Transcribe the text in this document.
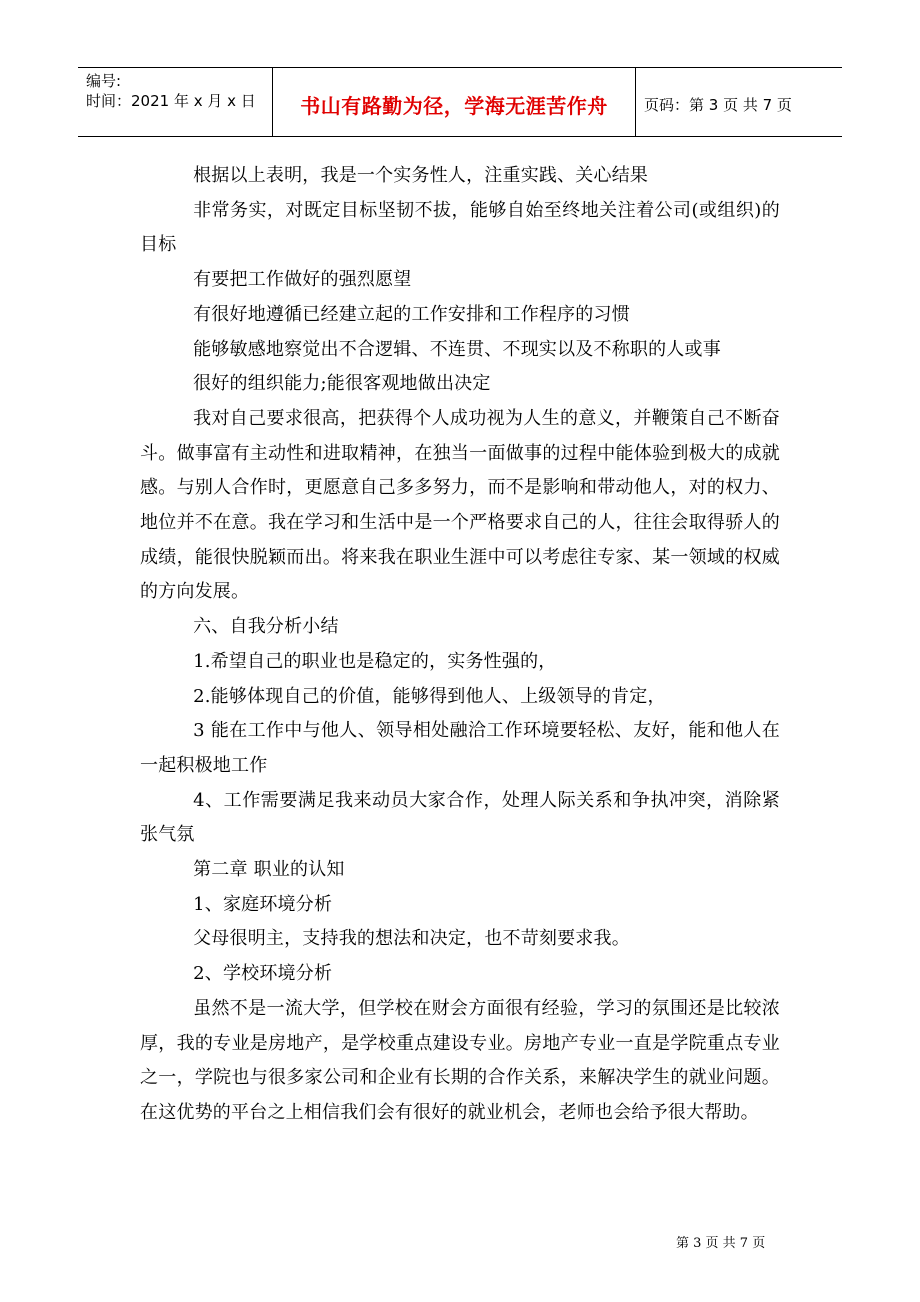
编号:
时间：2021 年 x 月 x 日	书山有路勤为径，学海无涯苦作舟	页码：第 3 页 共 7 页

根据以上表明，我是一个实务性人，注重实践、关心结果

非常务实，对既定目标坚韧不拔，能够自始至终地关注着公司(或组织)的目标

有要把工作做好的强烈愿望

有很好地遵循已经建立起的工作安排和工作程序的习惯

能够敏感地察觉出不合逻辑、不连贯、不现实以及不称职的人或事

很好的组织能力;能很客观地做出决定

我对自己要求很高，把获得个人成功视为人生的意义，并鞭策自己不断奋斗。做事富有主动性和进取精神，在独当一面做事的过程中能体验到极大的成就感。与别人合作时，更愿意自己多多努力，而不是影响和带动他人，对的权力、地位并不在意。我在学习和生活中是一个严格要求自己的人，往往会取得骄人的成绩，能很快脱颖而出。将来我在职业生涯中可以考虑往专家、某一领域的权威的方向发展。

六、自我分析小结

1.希望自己的职业也是稳定的，实务性强的，

2.能够体现自己的价值，能够得到他人、上级领导的肯定，

3 能在工作中与他人、领导相处融洽工作环境要轻松、友好，能和他人在一起积极地工作

4、工作需要满足我来动员大家合作，处理人际关系和争执冲突，消除紧张气氛

第二章 职业的认知

1、家庭环境分析

父母很明主，支持我的想法和决定，也不苛刻要求我。

2、学校环境分析

虽然不是一流大学，但学校在财会方面很有经验，学习的氛围还是比较浓厚，我的专业是房地产，是学校重点建设专业。房地产专业一直是学院重点专业之一，学院也与很多家公司和企业有长期的合作关系，来解决学生的就业问题。在这优势的平台之上相信我们会有很好的就业机会，老师也会给予很大帮助。

第 3 页 共 7 页
